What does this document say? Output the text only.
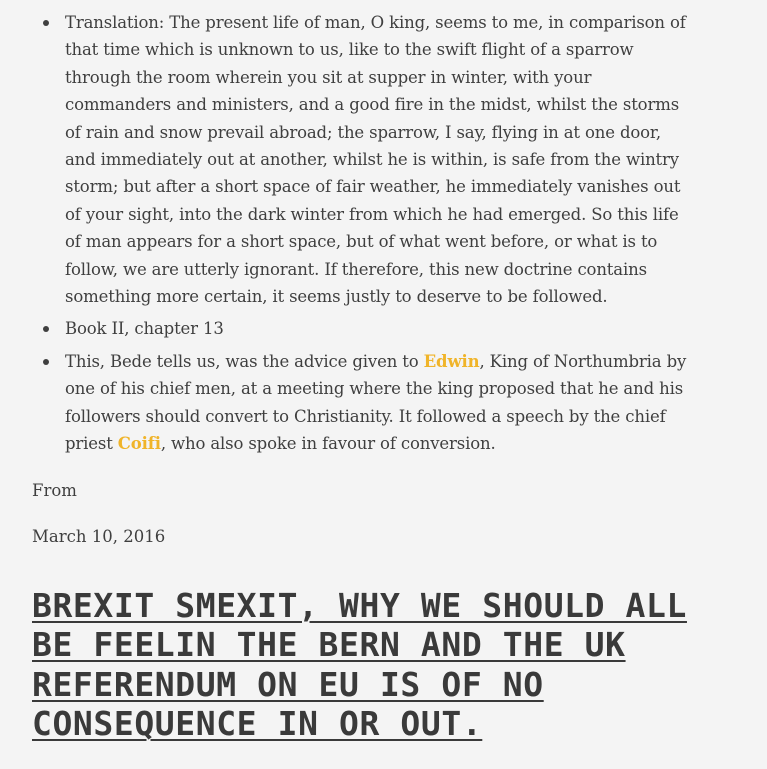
Translation: The present life of man, O king, seems to me, in comparison of that time which is unknown to us, like to the swift flight of a sparrow through the room wherein you sit at supper in winter, with your commanders and ministers, and a good fire in the midst, whilst the storms of rain and snow prevail abroad; the sparrow, I say, flying in at one door, and immediately out at another, whilst he is within, is safe from the wintry storm; but after a short space of fair weather, he immediately vanishes out of your sight, into the dark winter from which he had emerged. So this life of man appears for a short space, but of what went before, or what is to follow, we are utterly ignorant. If therefore, this new doctrine contains something more certain, it seems justly to deserve to be followed.
Book II, chapter 13
This, Bede tells us, was the advice given to Edwin, King of Northumbria by one of his chief men, at a meeting where the king proposed that he and his followers should convert to Christianity. It followed a speech by the chief priest Coifi, who also spoke in favour of conversion.

From

March 10, 2016

BREXIT SMEXIT, WHY WE SHOULD ALL BE FEELIN THE BERN AND THE UK REFERENDUM ON EU IS OF NO CONSEQUENCE IN OR OUT.
